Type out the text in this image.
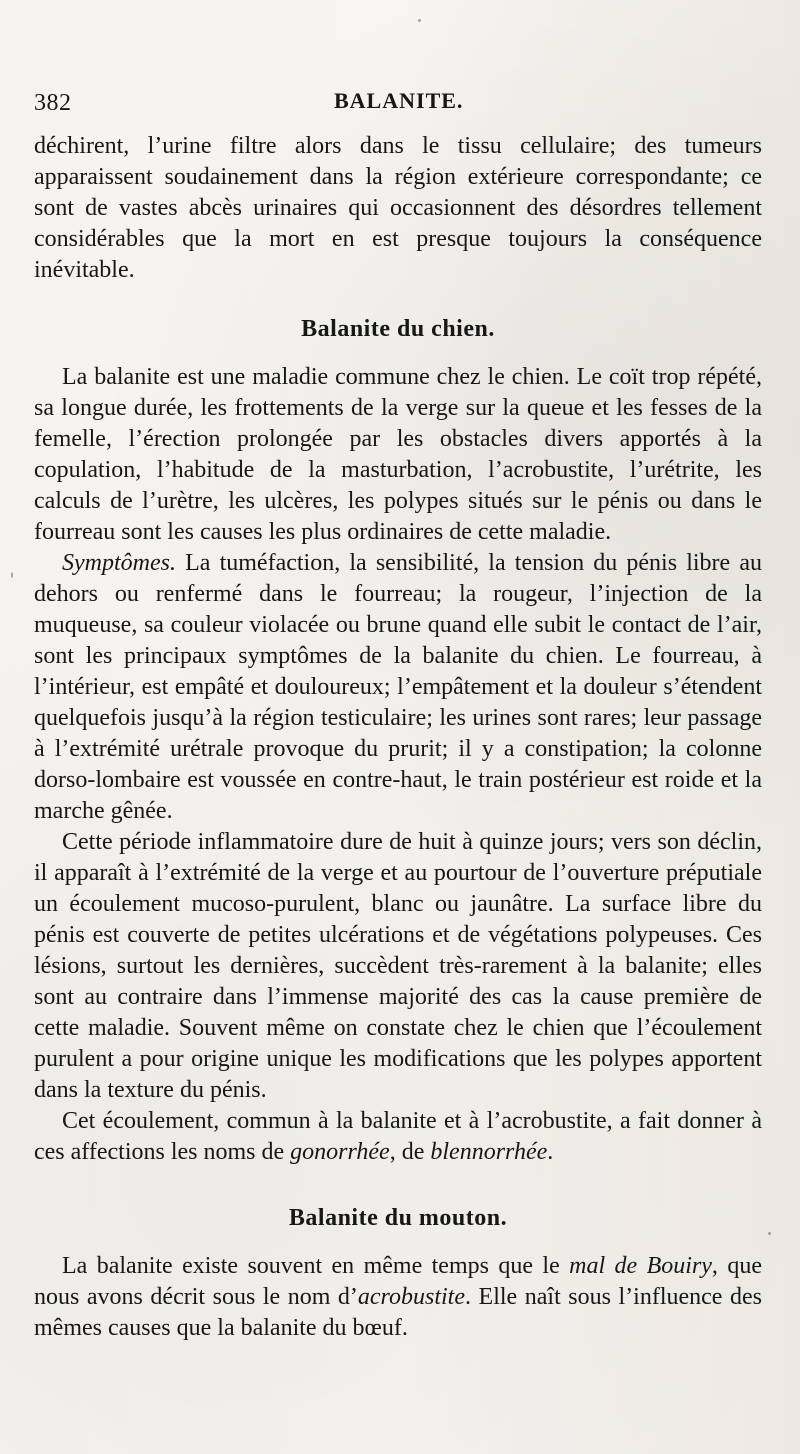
382	BALANITE.

déchirent, l’urine filtre alors dans le tissu cellulaire; des tumeurs apparaissent soudainement dans la région extérieure correspondante; ce sont de vastes abcès urinaires qui occasionnent des désordres tellement considérables que la mort en est presque toujours la conséquence inévitable.

Balanite du chien.

La balanite est une maladie commune chez le chien. Le coït trop répété, sa longue durée, les frottements de la verge sur la queue et les fesses de la femelle, l’érection prolongée par les obstacles divers apportés à la copulation, l’habitude de la masturbation, l’acrobustite, l’urétrite, les calculs de l’urètre, les ulcères, les polypes situés sur le pénis ou dans le fourreau sont les causes les plus ordinaires de cette maladie.

Symptômes. La tuméfaction, la sensibilité, la tension du pénis libre au dehors ou renfermé dans le fourreau; la rougeur, l’injection de la muqueuse, sa couleur violacée ou brune quand elle subit le contact de l’air, sont les principaux symptômes de la balanite du chien. Le fourreau, à l’intérieur, est empâté et douloureux; l’empâtement et la douleur s’étendent quelquefois jusqu’à la région testiculaire; les urines sont rares; leur passage à l’extrémité urétrale provoque du prurit; il y a constipation; la colonne dorso-lombaire est voussée en contre-haut, le train postérieur est roide et la marche gênée.

Cette période inflammatoire dure de huit à quinze jours; vers son déclin, il apparaît à l’extrémité de la verge et au pourtour de l’ouverture préputiale un écoulement mucoso-purulent, blanc ou jaunâtre. La surface libre du pénis est couverte de petites ulcérations et de végétations polypeuses. Ces lésions, surtout les dernières, succèdent très-rarement à la balanite; elles sont au contraire dans l’immense majorité des cas la cause première de cette maladie. Souvent même on constate chez le chien que l’écoulement purulent a pour origine unique les modifications que les polypes apportent dans la texture du pénis.

Cet écoulement, commun à la balanite et à l’acrobustite, a fait donner à ces affections les noms de gonorrhée, de blennorrhée.

Balanite du mouton.

La balanite existe souvent en même temps que le mal de Bouiry, que nous avons décrit sous le nom d’acrobustite. Elle naît sous l’influence des mêmes causes que la balanite du bœuf.
